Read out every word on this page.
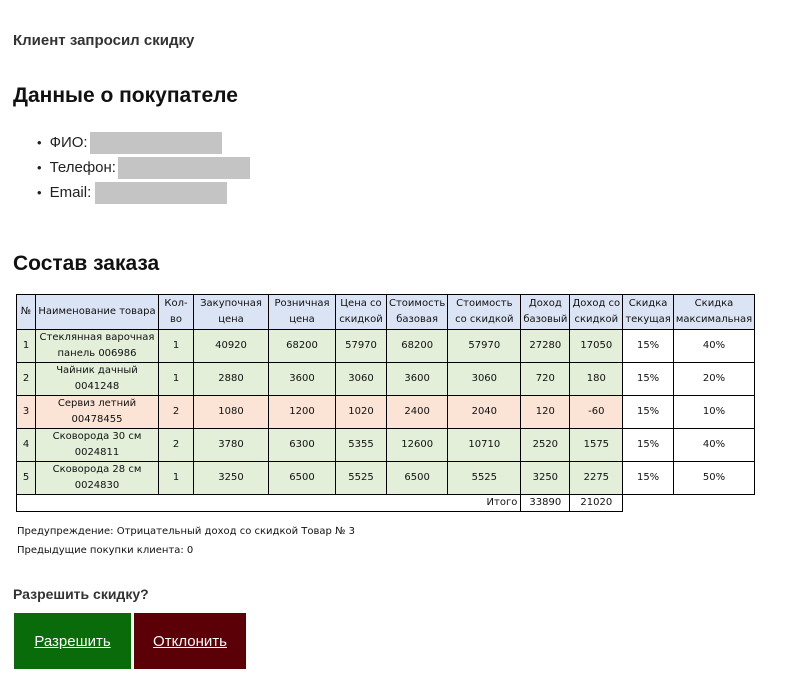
Клиент запросил скидку
Данные о покупателе
• ФИО:
• Телефон:
• Email:
Состав заказа
№	Наименование товара	Кол-во	Закупочная цена	Розничная цена	Цена со скидкой	Стоимость базовая	Стоимость со скидкой	Доход базовый	Доход со скидкой	Скидка текущая	Скидка максимальная
1	Стеклянная варочная панель 006986	1	40920	68200	57970	68200	57970	27280	17050	15%	40%
2	Чайник дачный 0041248	1	2880	3600	3060	3600	3060	720	180	15%	20%
3	Сервиз летний 00478455	2	1080	1200	1020	2400	2040	120	-60	15%	10%
4	Сковорода 30 см 0024811	2	3780	6300	5355	12600	10710	2520	1575	15%	40%
5	Сковорода 28 см 0024830	1	3250	6500	5525	6500	5525	3250	2275	15%	50%
Итого								33890	21020		
Предупреждение: Отрицательный доход со скидкой Товар № 3
Предыдущие покупки клиента: 0
Разрешить скидку?
Разрешить	Отклонить
